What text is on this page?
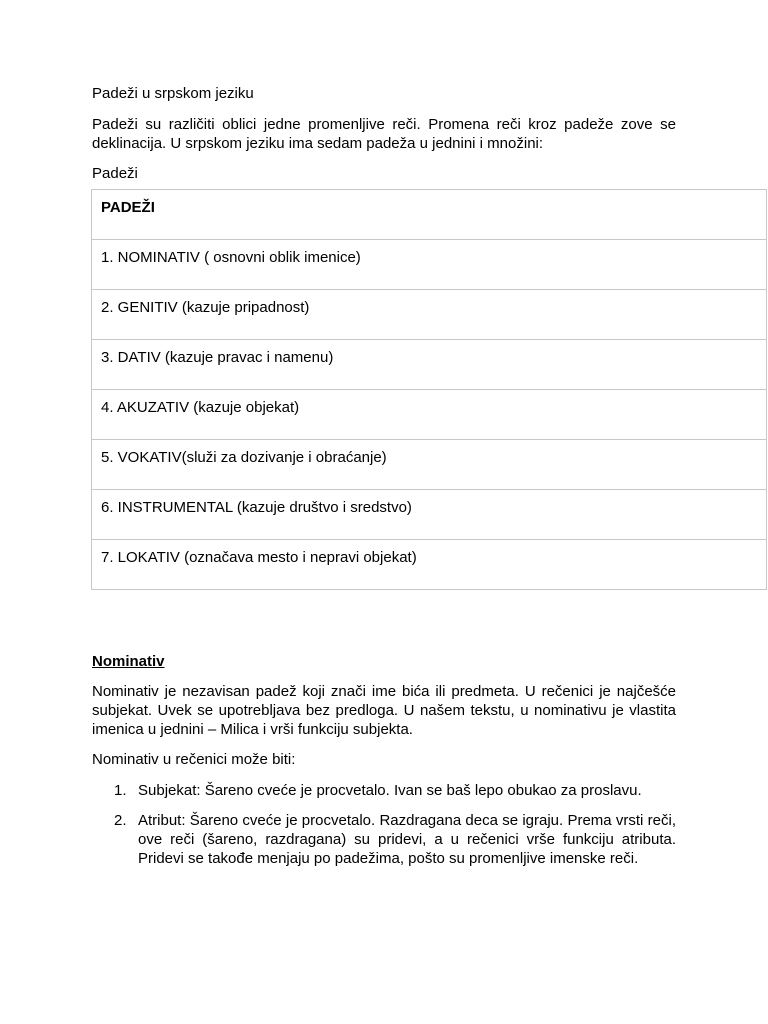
Padeži u srpskom jeziku

Padeži su različiti oblici jedne promenljive reči. Promena reči kroz padeže zove se deklinacija. U srpskom jeziku ima sedam padeža u jednini i množini:

Padeži

PADEŽI

1. NOMINATIV ( osnovni oblik imenice)

2. GENITIV (kazuje pripadnost)

3. DATIV (kazuje pravac i namenu)

4. AKUZATIV (kazuje objekat)

5. VOKATIV(služi za dozivanje i obraćanje)

6. INSTRUMENTAL (kazuje društvo i sredstvo)

7. LOKATIV (označava mesto i nepravi objekat)

Nominativ

Nominativ je nezavisan padež koji znači ime bića ili predmeta. U rečenici je najčešće subjekat. Uvek se upotrebljava bez predloga. U našem tekstu, u nominativu je vlastita imenica u jednini – Milica i vrši funkciju subjekta.

Nominativ u rečenici može biti:

1. Subjekat: Šareno cveće je procvetalo. Ivan se baš lepo obukao za proslavu.
2. Atribut: Šareno cveće je procvetalo. Razdragana deca se igraju. Prema vrsti reči, ove reči (šareno, razdragana) su pridevi, a u rečenici vrše funkciju atributa. Pridevi se takođe menjaju po padežima, pošto su promenljive imenske reči.
